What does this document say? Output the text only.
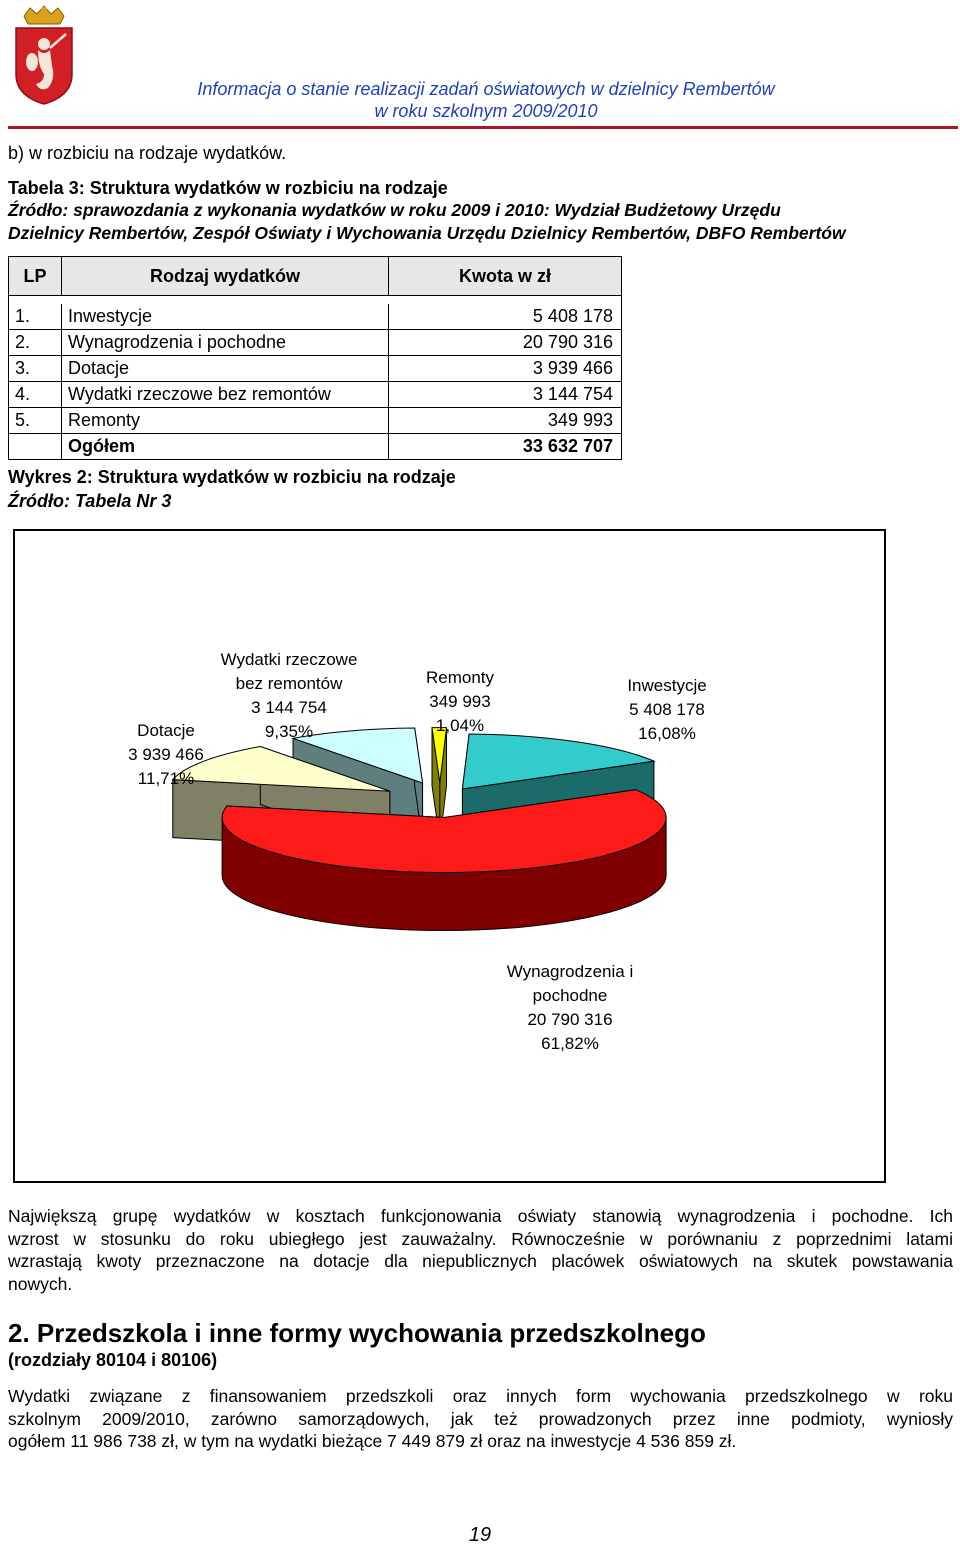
Informacja o stanie realizacji zadań oświatowych w dzielnicy Rembertów
w roku szkolnym 2009/2010
b) w rozbiciu na rodzaje wydatków.
Tabela 3: Struktura wydatków w rozbiciu na rodzaje
Źródło: sprawozdania z wykonania wydatków w roku 2009 i 2010: Wydział Budżetowy Urzędu
Dzielnicy Rembertów, Zespół Oświaty i Wychowania Urzędu Dzielnicy Rembertów, DBFO Rembertów
LP	Rodzaj wydatków	Kwota w zł

1.	Inwestycje	5 408 178
2.	Wynagrodzenia i pochodne	20 790 316
3.	Dotacje	3 939 466
4.	Wydatki rzeczowe bez remontów	3 144 754
5.	Remonty	349 993
	Ogółem	33 632 707
Wykres 2: Struktura wydatków w rozbiciu na rodzaje
Źródło: Tabela Nr 3
Wydatki rzeczowe
bez remontów
3 144 754
9,35%
Remonty
349 993
1,04%
Inwestycje
5 408 178
16,08%
Dotacje
3 939 466
11,71%
Wynagrodzenia i
pochodne
20 790 316
61,82%
Największą grupę wydatków w kosztach funkcjonowania oświaty stanowią wynagrodzenia i pochodne. Ich
wzrost w stosunku do roku ubiegłego jest zauważalny. Równocześnie w porównaniu z poprzednimi latami
wzrastają kwoty przeznaczone na dotacje dla niepublicznych placówek oświatowych na skutek powstawania
nowych.
2. Przedszkola i inne formy wychowania przedszkolnego
(rozdziały 80104 i 80106)
Wydatki związane z finansowaniem przedszkoli oraz innych form wychowania przedszkolnego w roku
szkolnym 2009/2010, zarówno samorządowych, jak też prowadzonych przez inne podmioty, wyniosły
ogółem 11 986 738 zł, w tym na wydatki bieżące 7 449 879 zł oraz na inwestycje 4 536 859 zł.
19
